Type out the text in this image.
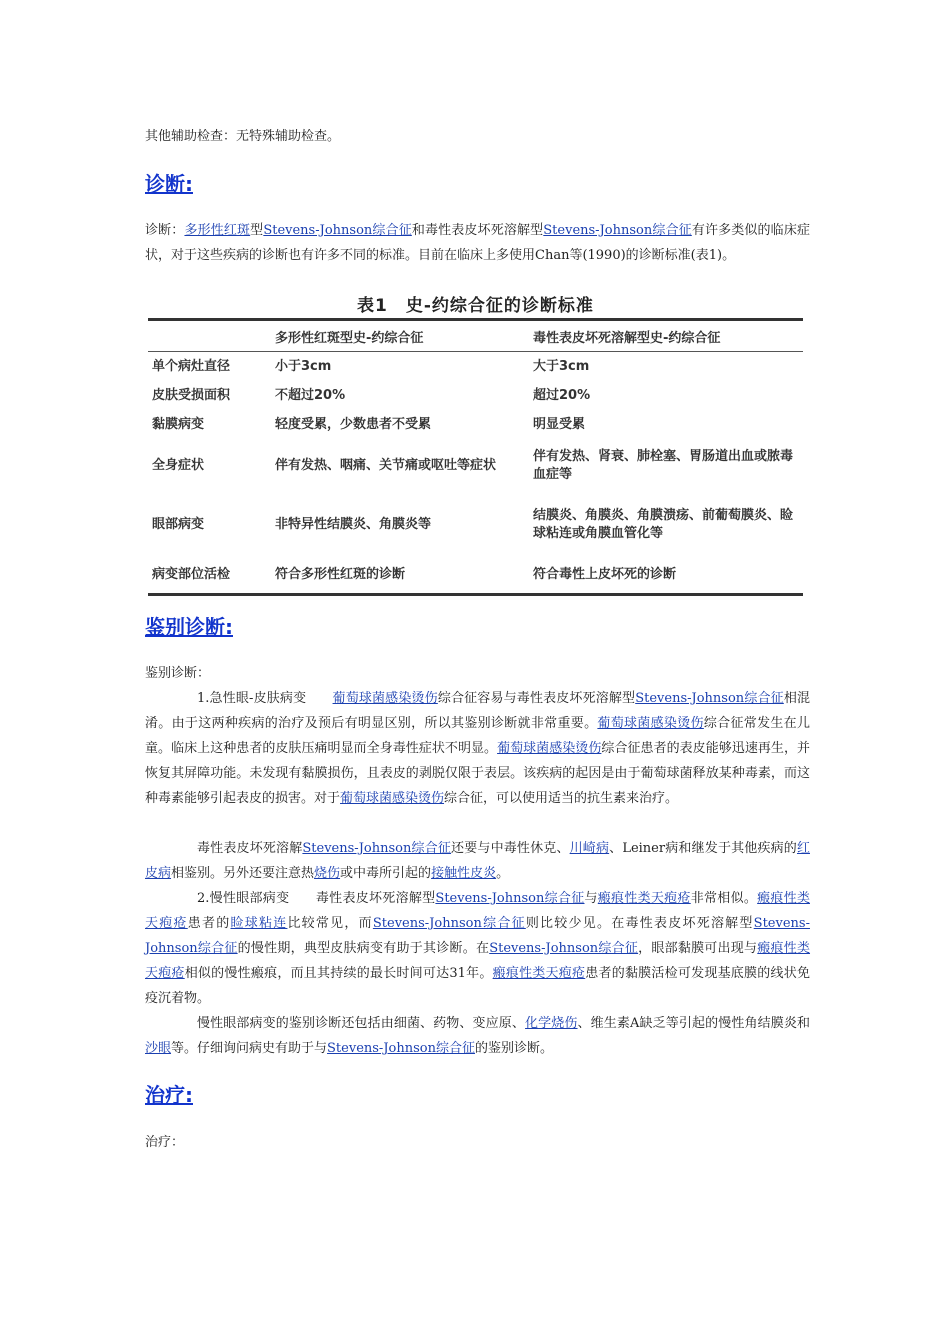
其他辅助检查：无特殊辅助检查。

诊断:

诊断：多形性红斑型Stevens-Johnson综合征和毒性表皮坏死溶解型Stevens-Johnson综合征有许多类似的临床症状，对于这些疾病的诊断也有许多不同的标准。目前在临床上多使用Chan等(1990)的诊断标准(表1)。

表1　史-约综合征的诊断标准
	多形性红斑型史-约综合征	毒性表皮坏死溶解型史-约综合征
单个病灶直径	小于3cm	大于3cm
皮肤受损面积	不超过20%	超过20%
黏膜病变	轻度受累，少数患者不受累	明显受累
全身症状	伴有发热、咽痛、关节痛或呕吐等症状	伴有发热、肾衰、肺栓塞、胃肠道出血或脓毒血症等
眼部病变	非特异性结膜炎、角膜炎等	结膜炎、角膜炎、角膜溃疡、前葡萄膜炎、睑球粘连或角膜血管化等
病变部位活检	符合多形性红斑的诊断	符合毒性上皮坏死的诊断
鉴别诊断:

鉴别诊断：

1.急性眼-皮肤病变　　葡萄球菌感染烫伤综合征容易与毒性表皮坏死溶解型Stevens-Johnson综合征相混淆。由于这两种疾病的治疗及预后有明显区别，所以其鉴别诊断就非常重要。葡萄球菌感染烫伤综合征常发生在儿童。临床上这种患者的皮肤压痛明显而全身毒性症状不明显。葡萄球菌感染烫伤综合征患者的表皮能够迅速再生，并恢复其屏障功能。未发现有黏膜损伤，且表皮的剥脱仅限于表层。该疾病的起因是由于葡萄球菌释放某种毒素，而这种毒素能够引起表皮的损害。对于葡萄球菌感染烫伤综合征，可以使用适当的抗生素来治疗。

毒性表皮坏死溶解Stevens-Johnson综合征还要与中毒性休克、川崎病、Leiner病和继发于其他疾病的红皮病相鉴别。另外还要注意热烧伤或中毒所引起的接触性皮炎。

2.慢性眼部病变　　毒性表皮坏死溶解型Stevens-Johnson综合征与瘢痕性类天疱疮非常相似。瘢痕性类天疱疮患者的睑球粘连比较常见，而Stevens-Johnson综合征则比较少见。在毒性表皮坏死溶解型Stevens-Johnson综合征的慢性期，典型皮肤病变有助于其诊断。在Stevens-Johnson综合征，眼部黏膜可出现与瘢痕性类天疱疮相似的慢性瘢痕，而且其持续的最长时间可达31年。瘢痕性类天疱疮患者的黏膜活检可发现基底膜的线状免疫沉着物。

慢性眼部病变的鉴别诊断还包括由细菌、药物、变应原、化学烧伤、维生素A缺乏等引起的慢性角结膜炎和沙眼等。仔细询问病史有助于与Stevens-Johnson综合征的鉴别诊断。

治疗:

治疗：
